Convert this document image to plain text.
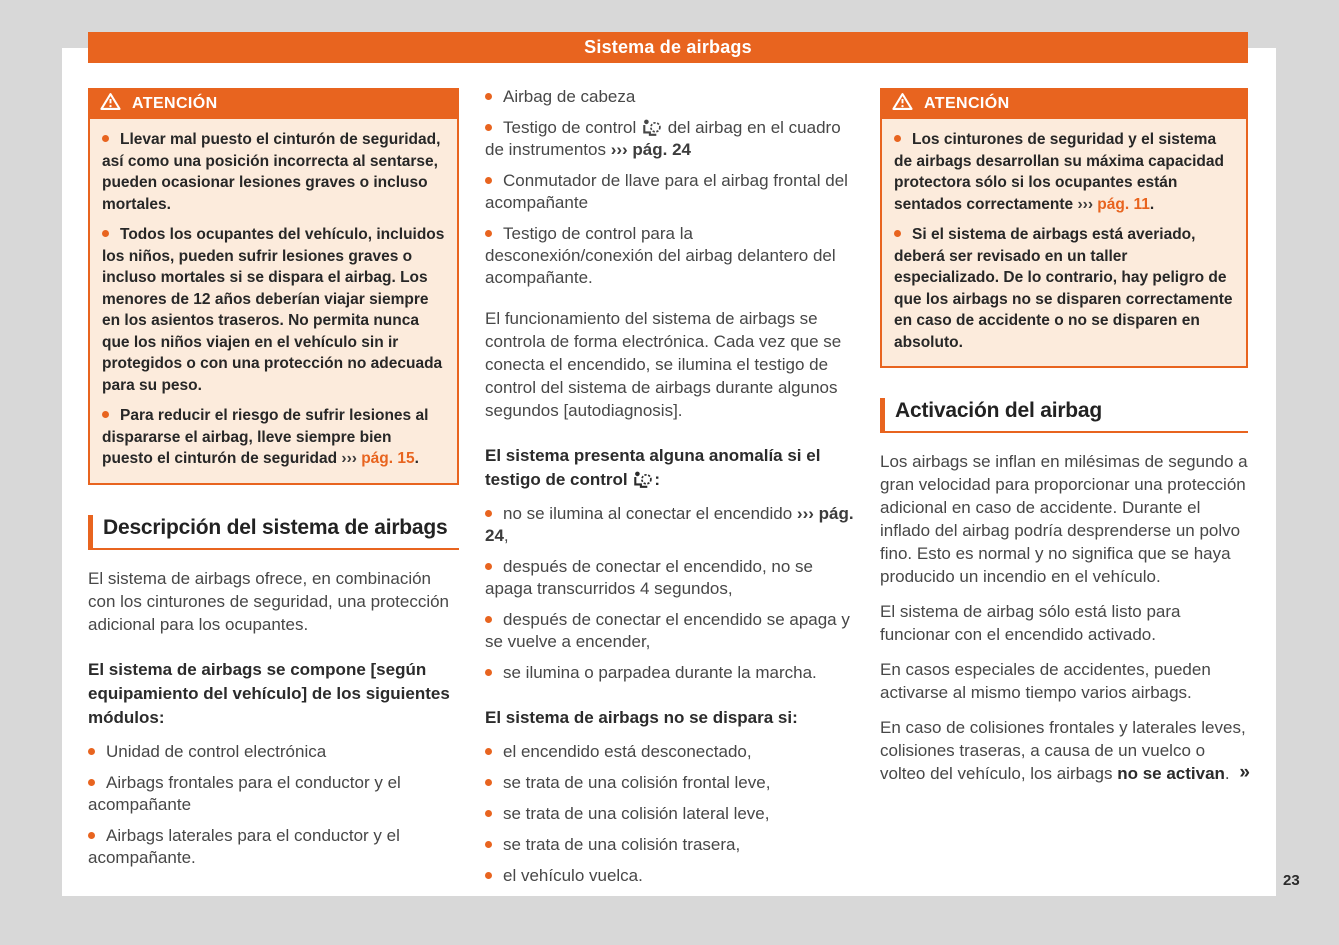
Sistema de airbags
ATENCIÓN

Llevar mal puesto el cinturón de seguridad, así como una posición incorrecta al sentarse, pueden ocasionar lesiones graves o incluso mortales.

Todos los ocupantes del vehículo, incluidos los niños, pueden sufrir lesiones graves o incluso mortales si se dispara el airbag. Los menores de 12 años deberían viajar siempre en los asientos traseros. No permita nunca que los niños viajen en el vehículo sin ir protegidos o con una protección no adecuada para su peso.

Para reducir el riesgo de sufrir lesiones al dispararse el airbag, lleve siempre bien puesto el cinturón de seguridad ››› pág. 15.

Descripción del sistema de airbags

El sistema de airbags ofrece, en combinación con los cinturones de seguridad, una protección adicional para los ocupantes.

El sistema de airbags se compone [según equipamiento del vehículo] de los siguientes módulos:

Unidad de control electrónica

Airbags frontales para el conductor y el acompañante

Airbags laterales para el conductor y el acompañante.

Airbag de cabeza

Testigo de control  del airbag en el cuadro de instrumentos ››› pág. 24

Conmutador de llave para el airbag frontal del acompañante

Testigo de control para la desconexión/conexión del airbag delantero del acompañante.

El funcionamiento del sistema de airbags se controla de forma electrónica. Cada vez que se conecta el encendido, se ilumina el testigo de control del sistema de airbags durante algunos segundos [autodiagnosis].

El sistema presenta alguna anomalía si el testigo de control :

no se ilumina al conectar el encendido ››› pág. 24,

después de conectar el encendido, no se apaga transcurridos 4 segundos,

después de conectar el encendido se apaga y se vuelve a encender,

se ilumina o parpadea durante la marcha.

El sistema de airbags no se dispara si:

el encendido está desconectado,

se trata de una colisión frontal leve,

se trata de una colisión lateral leve,

se trata de una colisión trasera,

el vehículo vuelca.

ATENCIÓN

Los cinturones de seguridad y el sistema de airbags desarrollan su máxima capacidad protectora sólo si los ocupantes están sentados correctamente ››› pág. 11.

Si el sistema de airbags está averiado, deberá ser revisado en un taller especializado. De lo contrario, hay peligro de que los airbags no se disparen correctamente en caso de accidente o no se disparen en absoluto.

Activación del airbag

Los airbags se inflan en milésimas de segundo a gran velocidad para proporcionar una protección adicional en caso de accidente. Durante el inflado del airbag podría desprenderse un polvo fino. Esto es normal y no significa que se haya producido un incendio en el vehículo.

El sistema de airbag sólo está listo para funcionar con el encendido activado.

En casos especiales de accidentes, pueden activarse al mismo tiempo varios airbags.

En caso de colisiones frontales y laterales leves, colisiones traseras, a causa de un vuelco o volteo del vehículo, los airbags no se activan. »

23
